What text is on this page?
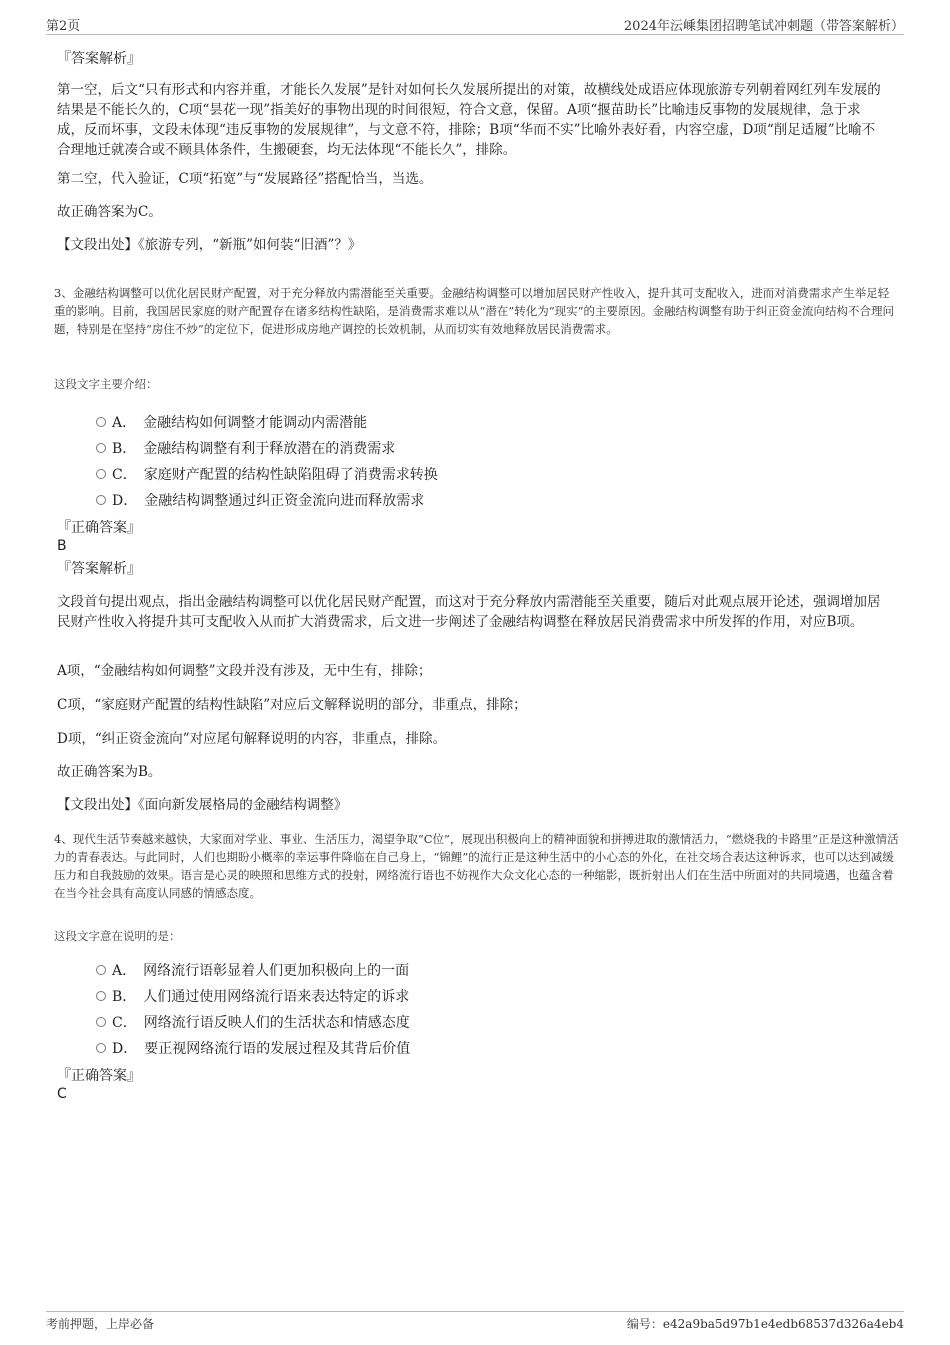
第2页	2024年沄嵊集团招聘笔试冲刺题（带答案解析）
『答案解析』
第一空，后文“只有形式和内容并重，才能长久发展”是针对如何长久发展所提出的对策，故横线处成语应体现旅游专列朝着网红列车发展的结果是不能长久的，C项“昙花一现”指美好的事物出现的时间很短，符合文意，保留。A项“揠苗助长”比喻违反事物的发展规律，急于求成，反而坏事，文段未体现“违反事物的发展规律”，与文意不符，排除；B项“华而不实”比喻外表好看，内容空虚，D项“削足适履”比喻不合理地迁就凑合或不顾具体条件，生搬硬套，均无法体现“不能长久”，排除。
第二空，代入验证，C项“拓宽”与“发展路径”搭配恰当，当选。
故正确答案为C。
【文段出处】《旅游专列，“新瓶”如何装“旧酒”？》
3、金融结构调整可以优化居民财产配置，对于充分释放内需潜能至关重要。金融结构调整可以增加居民财产性收入，提升其可支配收入，进而对消费需求产生举足轻重的影响。目前，我国居民家庭的财产配置存在诸多结构性缺陷，是消费需求难以从“潜在”转化为“现实”的主要原因。金融结构调整有助于纠正资金流向结构不合理问题，特别是在坚持“房住不炒”的定位下，促进形成房地产调控的长效机制，从而切实有效地释放居民消费需求。
这段文字主要介绍：
A．　金融结构如何调整才能调动内需潜能
B．　金融结构调整有利于释放潜在的消费需求
C．　家庭财产配置的结构性缺陷阻碍了消费需求转换
D．　金融结构调整通过纠正资金流向进而释放需求
『正确答案』
B
『答案解析』
文段首句提出观点，指出金融结构调整可以优化居民财产配置，而这对于充分释放内需潜能至关重要，随后对此观点展开论述，强调增加居民财产性收入将提升其可支配收入从而扩大消费需求，后文进一步阐述了金融结构调整在释放居民消费需求中所发挥的作用，对应B项。
A项，“金融结构如何调整”文段并没有涉及，无中生有，排除；
C项，“家庭财产配置的结构性缺陷”对应后文解释说明的部分，非重点，排除；
D项，“纠正资金流向”对应尾句解释说明的内容，非重点，排除。
故正确答案为B。
【文段出处】《面向新发展格局的金融结构调整》
4、现代生活节奏越来越快，大家面对学业、事业、生活压力，渴望争取“C位”，展现出积极向上的精神面貌和拼搏进取的激情活力，“燃烧我的卡路里”正是这种激情活力的青春表达。与此同时，人们也期盼小概率的幸运事件降临在自己身上，“锦鲤”的流行正是这种生活中的小心态的外化，在社交场合表达这种诉求，也可以达到减缓压力和自我鼓励的效果。语言是心灵的映照和思维方式的投射，网络流行语也不妨视作大众文化心态的一种缩影，既折射出人们在生活中所面对的共同境遇，也蕴含着在当今社会具有高度认同感的情感态度。
这段文字意在说明的是：
A．　网络流行语彰显着人们更加积极向上的一面
B．　人们通过使用网络流行语来表达特定的诉求
C．　网络流行语反映人们的生活状态和情感态度
D．　要正视网络流行语的发展过程及其背后价值
『正确答案』
C
考前押题，上岸必备	编号：e42a9ba5d97b1e4edb68537d326a4eb4
